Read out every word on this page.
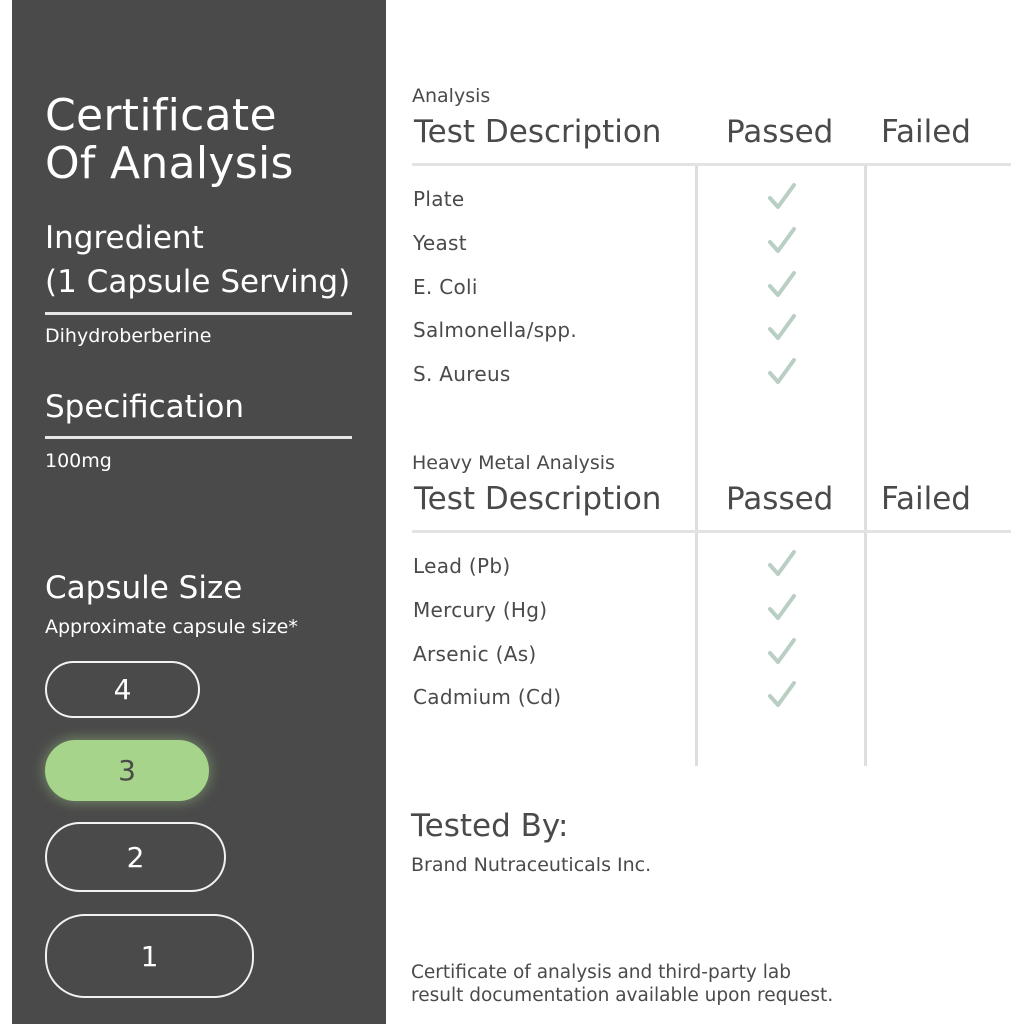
Certificate
Of Analysis
Ingredient
(1 Capsule Serving)
Dihydroberberine
Specification
100mg
Capsule Size
Approximate capsule size*
4
3
2
1
Analysis
Test Description Passed Failed
Plate
Yeast
E. Coli
Salmonella/spp.
S. Aureus
Heavy Metal Analysis
Test Description Passed Failed
Lead (Pb)
Mercury (Hg)
Arsenic (As)
Cadmium (Cd)
Tested By:
Brand Nutraceuticals Inc.
Certificate of analysis and third-party lab
result documentation available upon request.
